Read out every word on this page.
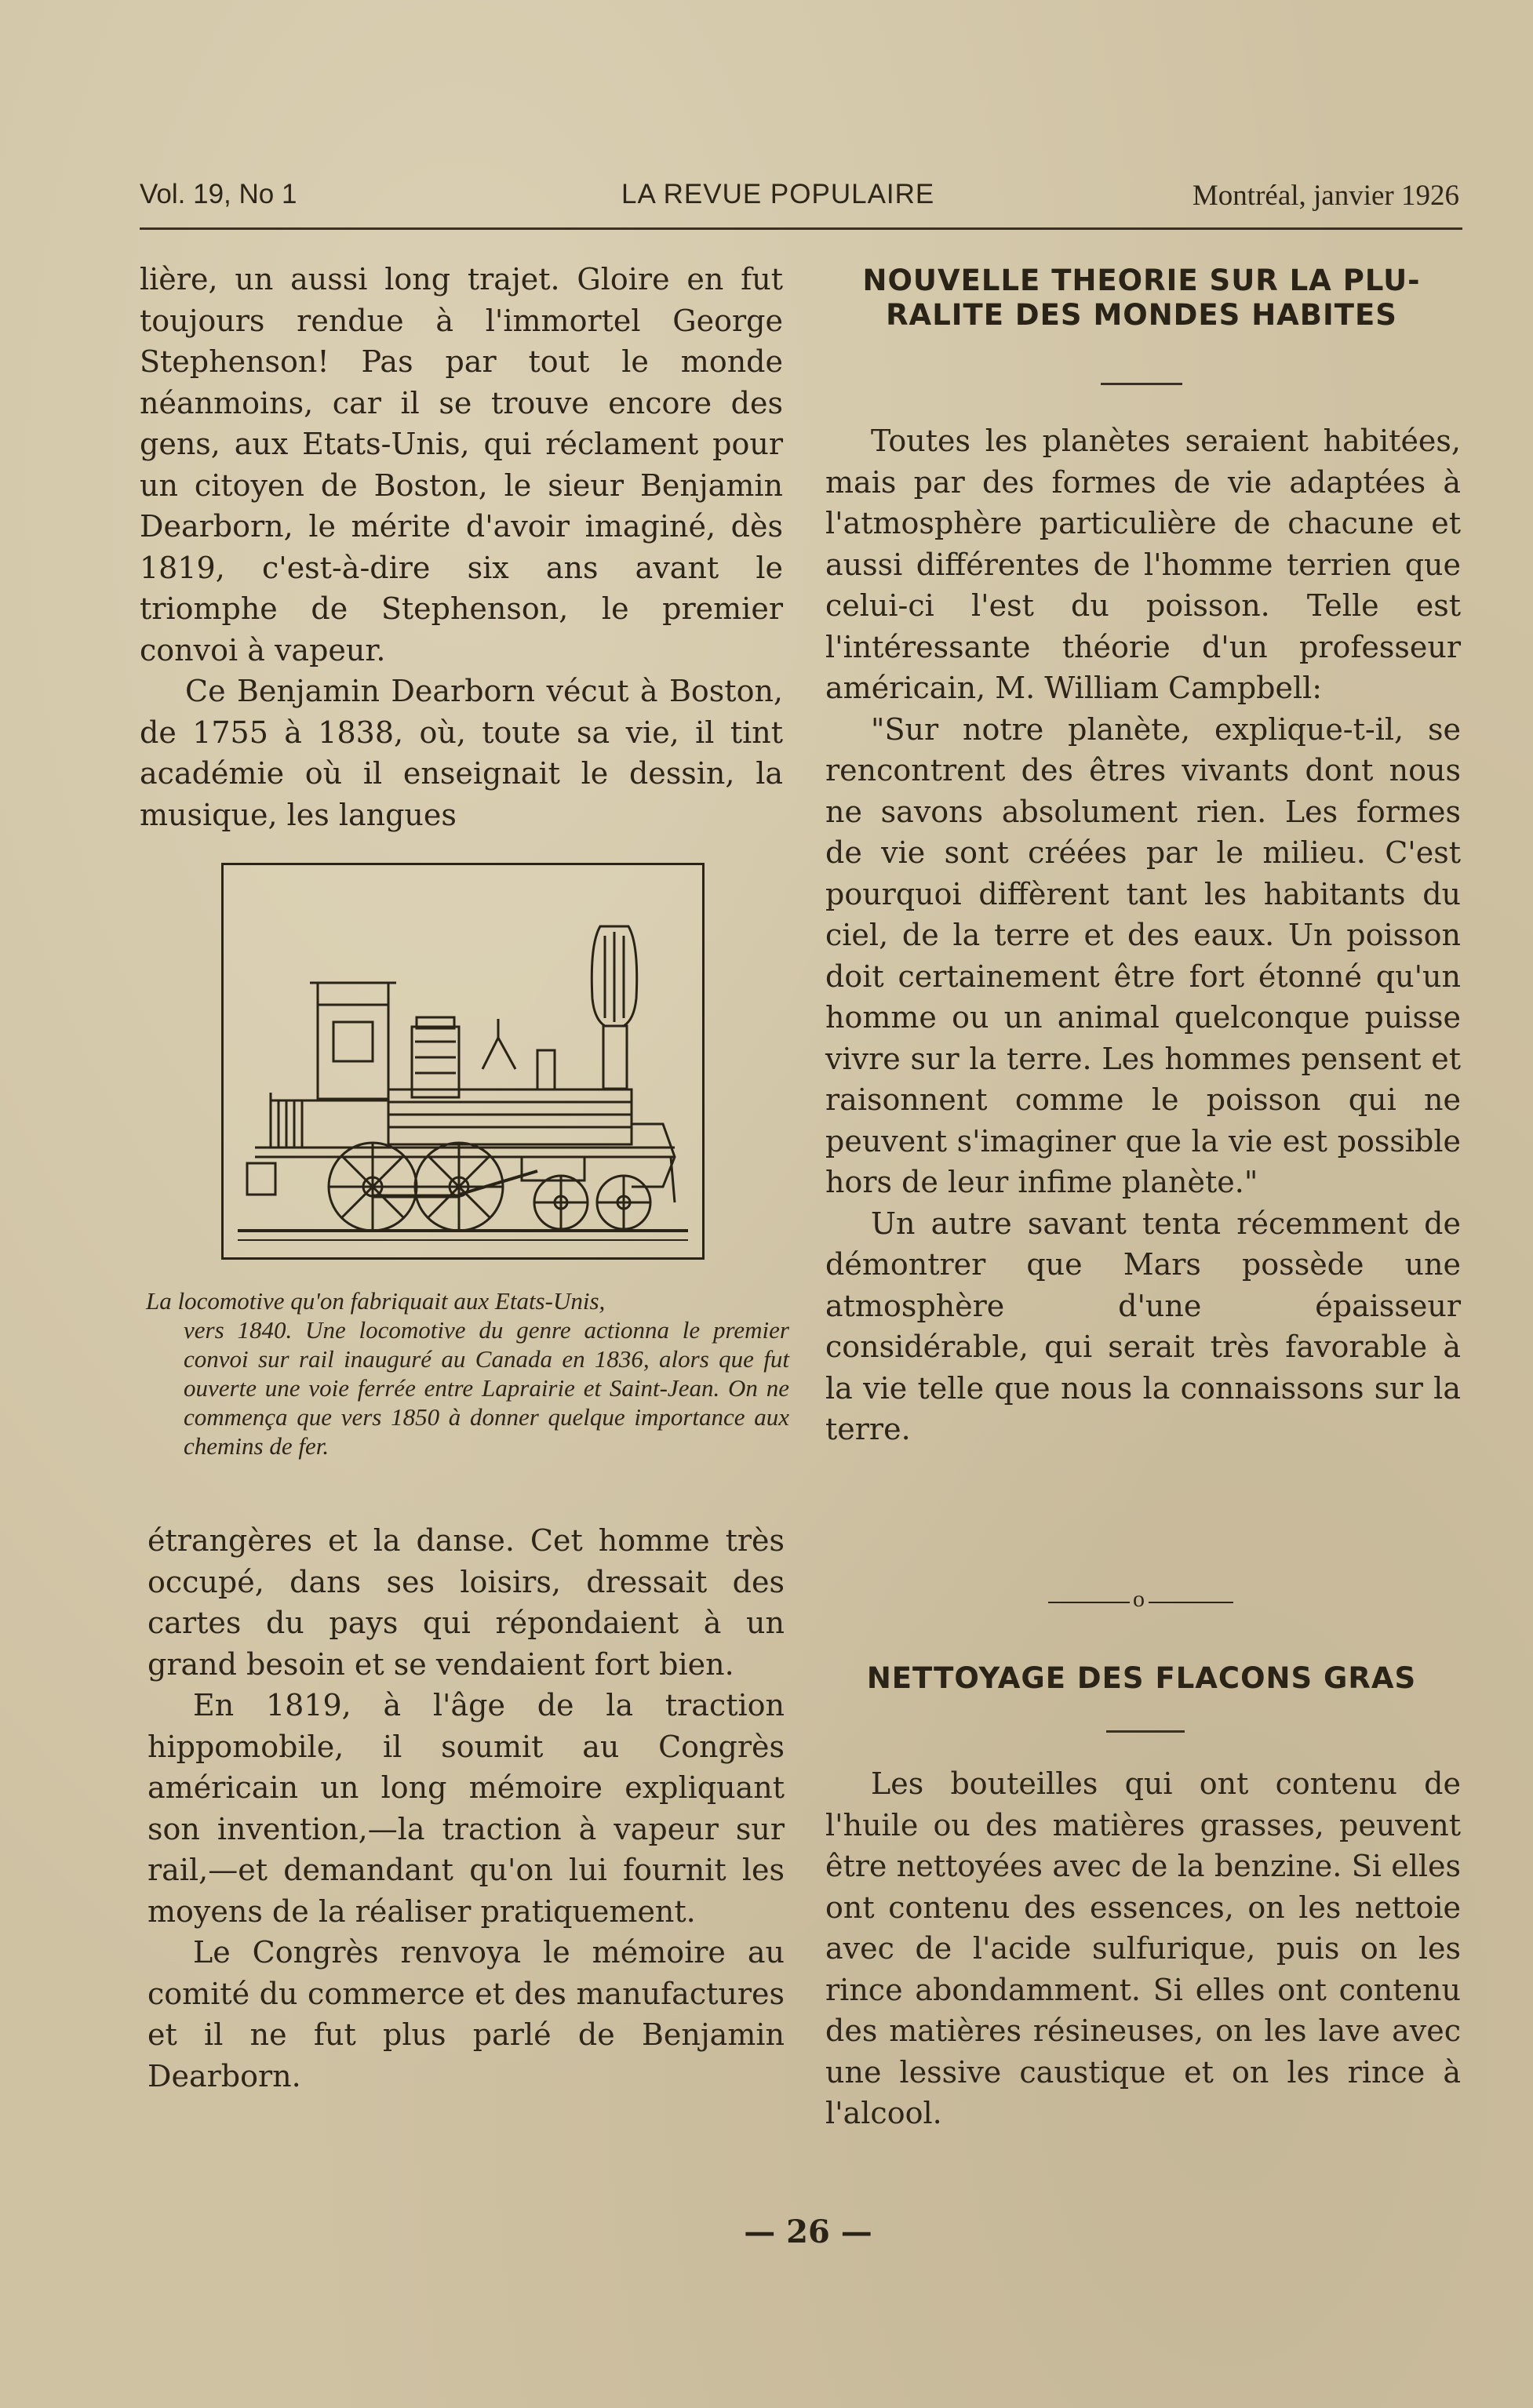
Vol. 19, No 1	LA REVUE POPULAIRE	Montréal, janvier 1926

lière, un aussi long trajet. Gloire en fut toujours rendue à l'immortel George Stephenson! Pas par tout le monde néanmoins, car il se trouve encore des gens, aux Etats-Unis, qui réclament pour un citoyen de Boston, le sieur Benjamin Dearborn, le mérite d'avoir imaginé, dès 1819, c'est-à-dire six ans avant le triomphe de Stephenson, le premier convoi à vapeur.

Ce Benjamin Dearborn vécut à Boston, de 1755 à 1838, où, toute sa vie, il tint académie où il enseignait le dessin, la musique, les langues

La locomotive qu'on fabriquait aux Etats-Unis,
vers 1840. Une locomotive du genre actionna le premier convoi sur rail inauguré au Canada en 1836, alors que fut ouverte une voie ferrée entre Laprairie et Saint-Jean. On ne commença que vers 1850 à donner quelque importance aux chemins de fer.

étrangères et la danse. Cet homme très occupé, dans ses loisirs, dressait des cartes du pays qui répondaient à un grand besoin et se vendaient fort bien.

En 1819, à l'âge de la traction hippomobile, il soumit au Congrès américain un long mémoire expliquant son invention,—la traction à vapeur sur rail,—et demandant qu'on lui fournit les moyens de la réaliser pratiquement.

Le Congrès renvoya le mémoire au comité du commerce et des manufactures et il ne fut plus parlé de Benjamin Dearborn.

NOUVELLE THEORIE SUR LA PLU-
RALITE DES MONDES HABITES

Toutes les planètes seraient habitées, mais par des formes de vie adaptées à l'atmosphère particulière de chacune et aussi différentes de l'homme terrien que celui-ci l'est du poisson. Telle est l'intéressante théorie d'un professeur américain, M. William Campbell:

"Sur notre planète, explique-t-il, se rencontrent des êtres vivants dont nous ne savons absolument rien. Les formes de vie sont créées par le milieu. C'est pourquoi diffèrent tant les habitants du ciel, de la terre et des eaux. Un poisson doit certainement être fort étonné qu'un homme ou un animal quelconque puisse vivre sur la terre. Les hommes pensent et raisonnent comme le poisson qui ne peuvent s'imaginer que la vie est possible hors de leur infime planète."

Un autre savant tenta récemment de démontrer que Mars possède une atmosphère d'une épaisseur considérable, qui serait très favorable à la vie telle que nous la connaissons sur la terre.

o
NETTOYAGE DES FLACONS GRAS

Les bouteilles qui ont contenu de l'huile ou des matières grasses, peuvent être nettoyées avec de la benzine. Si elles ont contenu des essences, on les nettoie avec de l'acide sulfurique, puis on les rince abondamment. Si elles ont contenu des matières résineuses, on les lave avec une lessive caustique et on les rince à l'alcool.

— 26 —
